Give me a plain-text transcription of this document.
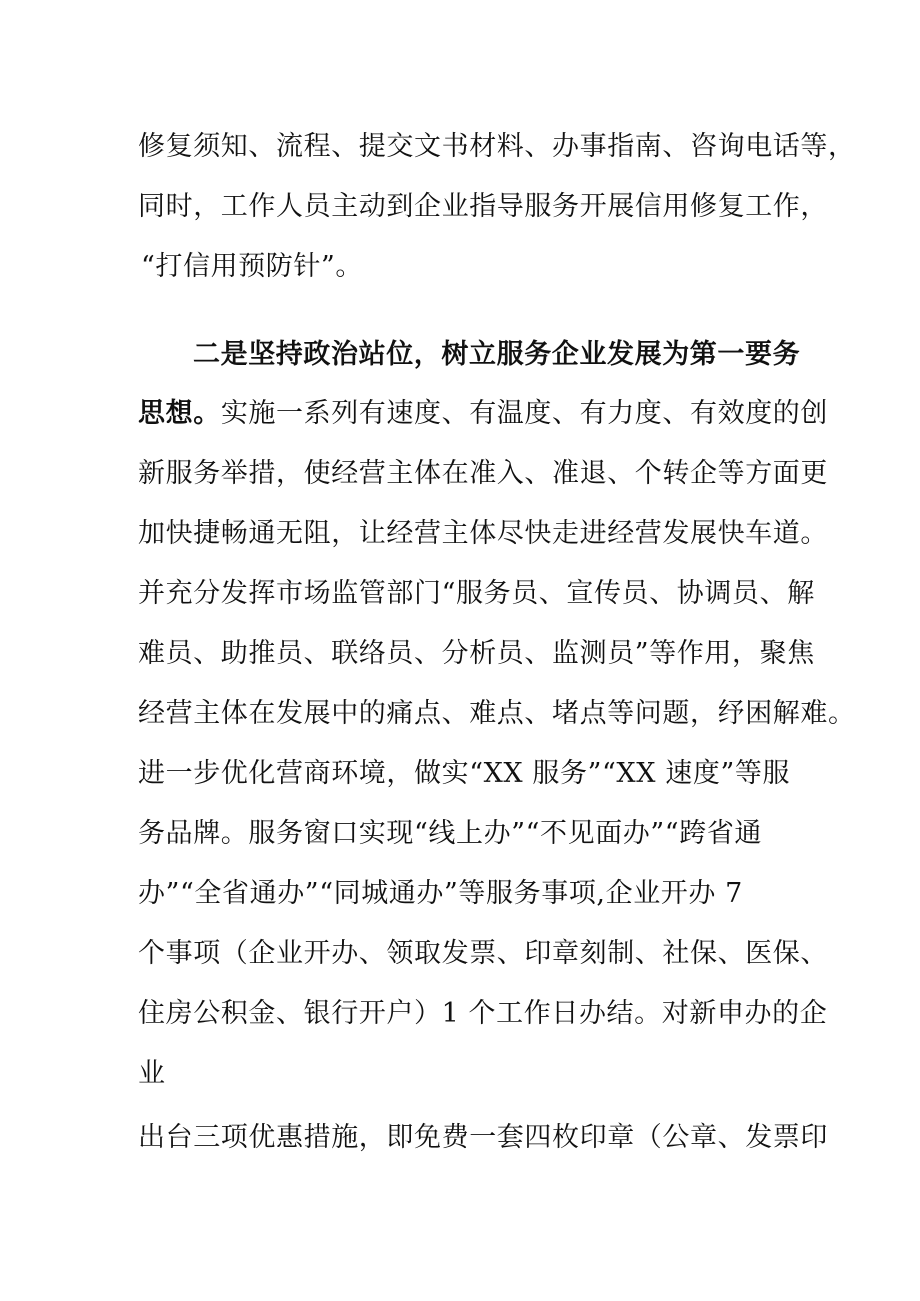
修复须知、流程、提交文书材料、办事指南、咨询电话等，
同时，工作人员主动到企业指导服务开展信用修复工作，
“打信用预防针”。
二是坚持政治站位，树立服务企业发展为第一要务
思想。实施一系列有速度、有温度、有力度、有效度的创
新服务举措，使经营主体在准入、准退、个转企等方面更
加快捷畅通无阻，让经营主体尽快走进经营发展快车道。
并充分发挥市场监管部门“服务员、宣传员、协调员、解
难员、助推员、联络员、分析员、监测员”等作用，聚焦
经营主体在发展中的痛点、难点、堵点等问题，纾困解难。
进一步优化营商环境，做实“XX 服务”“XX 速度”等服
务品牌。服务窗口实现“线上办”“不见面办”“跨省通
办”“全省通办”“同城通办”等服务事项,企业开办 7
个事项（企业开办、领取发票、印章刻制、社保、医保、
住房公积金、银行开户）1 个工作日办结。对新申办的企
业
出台三项优惠措施，即免费一套四枚印章（公章、发票印
